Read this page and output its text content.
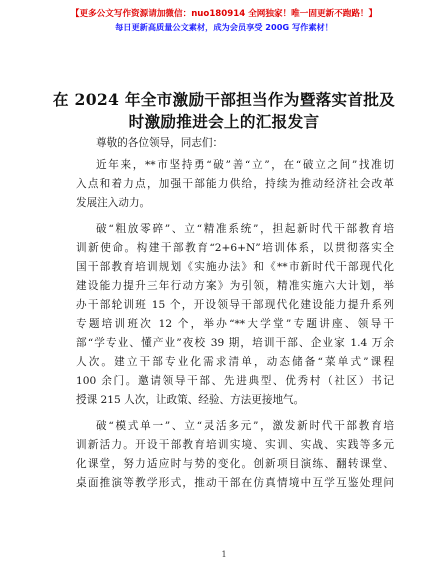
【更多公文写作资源请加微信：nuo180914 全网独家！唯一固更新不跑路！】
每日更新高质量公文素材，成为会员享受 200G 写作素材！
在 2024 年全市激励干部担当作为暨落实首批及
时激励推进会上的汇报发言
尊敬的各位领导，同志们：
近年来，**市坚持勇“破”善“立”，在“破立之间”找准切
入点和着力点，加强干部能力供给，持续为推动经济社会改革
发展注入动力。
破“粗放零碎”、立“精准系统”，担起新时代干部教育培
训新使命。构建干部教育“2+6+N”培训体系，以贯彻落实全
国干部教育培训规划《实施办法》和《**市新时代干部现代化
建设能力提升三年行动方案》为引领，精准实施六大计划，举
办干部轮训班 15 个，开设领导干部现代化建设能力提升系列
专题培训班次 12 个，举办“**大学堂”专题讲座、领导干
部“学专业、懂产业”夜校 39 期，培训干部、企业家 1.4 万余
人次。建立干部专业化需求清单，动态储备“菜单式”课程
100 余门。邀请领导干部、先进典型、优秀村（社区）书记
授课 215 人次，让政策、经验、方法更接地气。
破“模式单一”、立“灵活多元”，激发新时代干部教育培
训新活力。开设干部教育培训实境、实训、实战、实践等多元
化课堂，努力适应时与势的变化。创新项目演练、翻转课堂、
桌面推演等教学形式，推动干部在仿真情境中互学互鉴处理问
1
